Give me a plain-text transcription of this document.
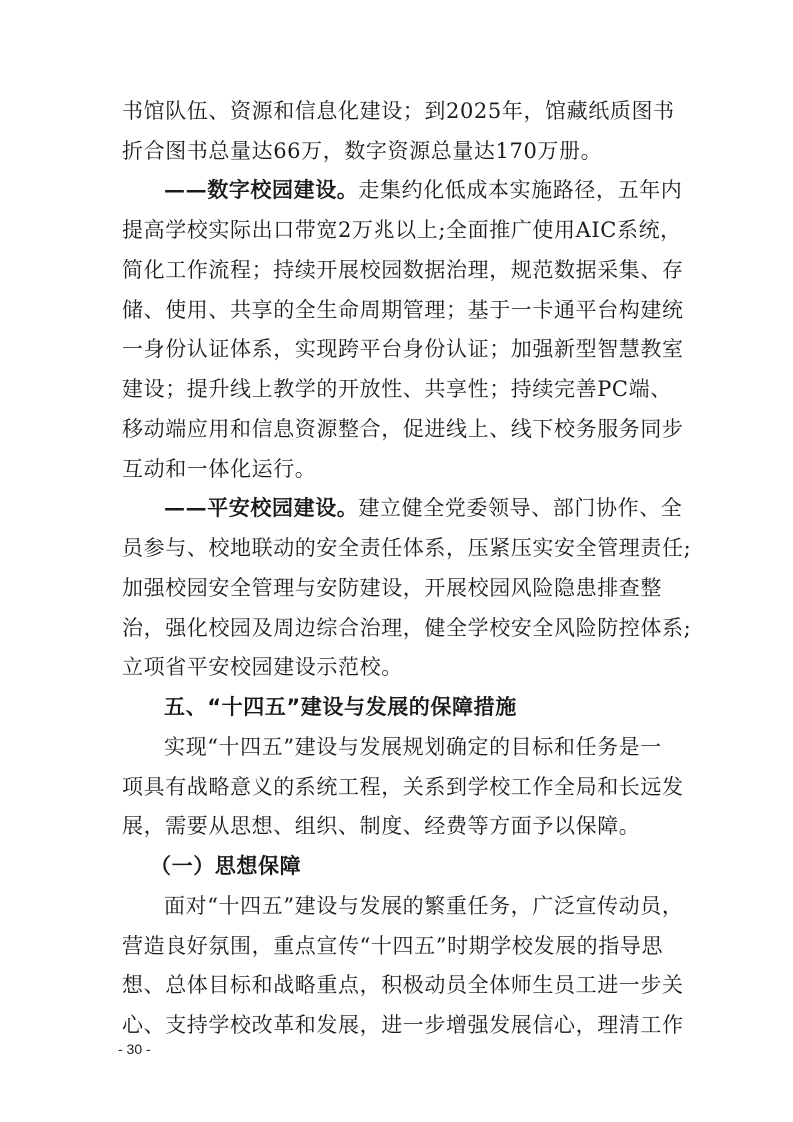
书馆队伍、资源和信息化建设；到2025年，馆藏纸质图书
折合图书总量达66万，数字资源总量达170万册。
——数字校园建设。走集约化低成本实施路径，五年内
提高学校实际出口带宽2万兆以上;全面推广使用AIC系统，
简化工作流程；持续开展校园数据治理，规范数据采集、存
储、使用、共享的全生命周期管理；基于一卡通平台构建统
一身份认证体系，实现跨平台身份认证；加强新型智慧教室
建设；提升线上教学的开放性、共享性；持续完善PC端、
移动端应用和信息资源整合，促进线上、线下校务服务同步
互动和一体化运行。
——平安校园建设。建立健全党委领导、部门协作、全
员参与、校地联动的安全责任体系，压紧压实安全管理责任;
加强校园安全管理与安防建设，开展校园风险隐患排查整
治，强化校园及周边综合治理，健全学校安全风险防控体系;
立项省平安校园建设示范校。
五、“十四五”建设与发展的保障措施
实现“十四五”建设与发展规划确定的目标和任务是一
项具有战略意义的系统工程，关系到学校工作全局和长远发
展，需要从思想、组织、制度、经费等方面予以保障。
（一）思想保障
面对“十四五”建设与发展的繁重任务，广泛宣传动员，
营造良好氛围，重点宣传“十四五”时期学校发展的指导思
想、总体目标和战略重点，积极动员全体师生员工进一步关
心、支持学校改革和发展，进一步增强发展信心，理清工作
- 30 -
